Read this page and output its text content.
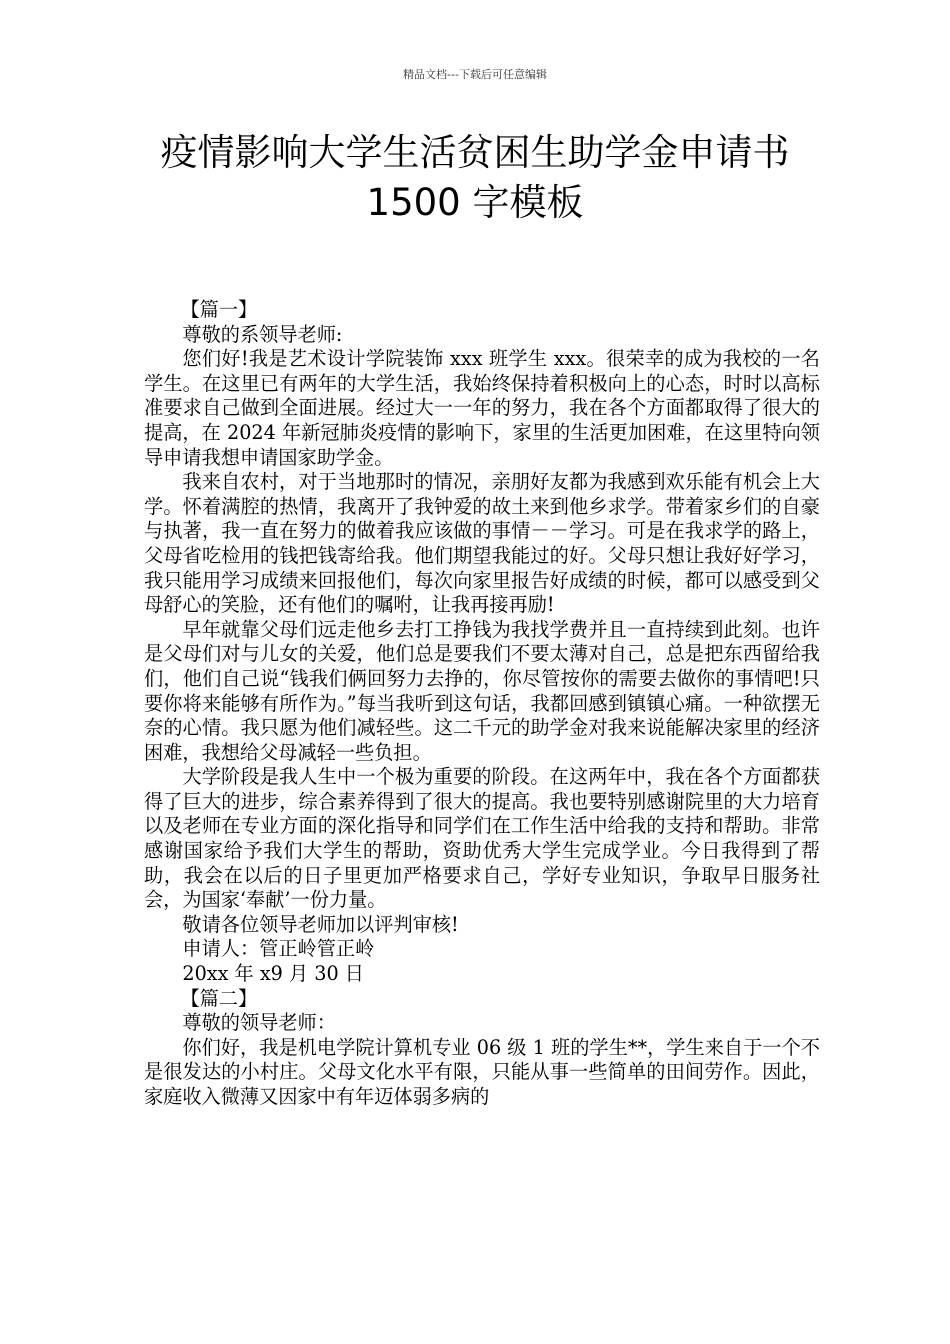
精品文档---下载后可任意编辑
疫情影响大学生活贫困生助学金申请书 1500 字模板

【篇一】

尊敬的系领导老师:

您们好!我是艺术设计学院装饰 xxx 班学生 xxx。很荣幸的成为我校的一名学生。在这里已有两年的大学生活，我始终保持着积极向上的心态，时时以高标准要求自己做到全面进展。经过大一一年的努力，我在各个方面都取得了很大的提高，在 2024 年新冠肺炎疫情的影响下，家里的生活更加困难，在这里特向领导申请我想申请国家助学金。

我来自农村，对于当地那时的情况，亲朋好友都为我感到欢乐能有机会上大学。怀着满腔的热情，我离开了我钟爱的故土来到他乡求学。带着家乡们的自豪与执著，我一直在努力的做着我应该做的事情－－学习。可是在我求学的路上，父母省吃检用的钱把钱寄给我。他们期望我能过的好。父母只想让我好好学习，我只能用学习成绩来回报他们，每次向家里报告好成绩的时候，都可以感受到父母舒心的笑脸，还有他们的嘱咐，让我再接再励!

早年就靠父母们远走他乡去打工挣钱为我找学费并且一直持续到此刻。也许是父母们对与儿女的关爱，他们总是要我们不要太薄对自己，总是把东西留给我们，他们自己说“钱我们俩回努力去挣的，你尽管按你的需要去做你的事情吧!只要你将来能够有所作为。”每当我听到这句话，我都回感到镇镇心痛。一种欲摆无奈的心情。我只愿为他们减轻些。这二千元的助学金对我来说能解决家里的经济困难，我想给父母减轻一些负担。

大学阶段是我人生中一个极为重要的阶段。在这两年中，我在各个方面都获得了巨大的进步，综合素养得到了很大的提高。我也要特别感谢院里的大力培育以及老师在专业方面的深化指导和同学们在工作生活中给我的支持和帮助。非常感谢国家给予我们大学生的帮助，资助优秀大学生完成学业。今日我得到了帮助，我会在以后的日子里更加严格要求自己，学好专业知识，争取早日服务社会，为国家‘奉献’一份力量。

敬请各位领导老师加以评判审核!

申请人：管正岭管正岭

20xx 年 x9 月 30 日

【篇二】

尊敬的领导老师：

你们好，我是机电学院计算机专业 06 级 1 班的学生**，学生来自于一个不是很发达的小村庄。父母文化水平有限，只能从事一些简单的田间劳作。因此，家庭收入微薄又因家中有年迈体弱多病的
